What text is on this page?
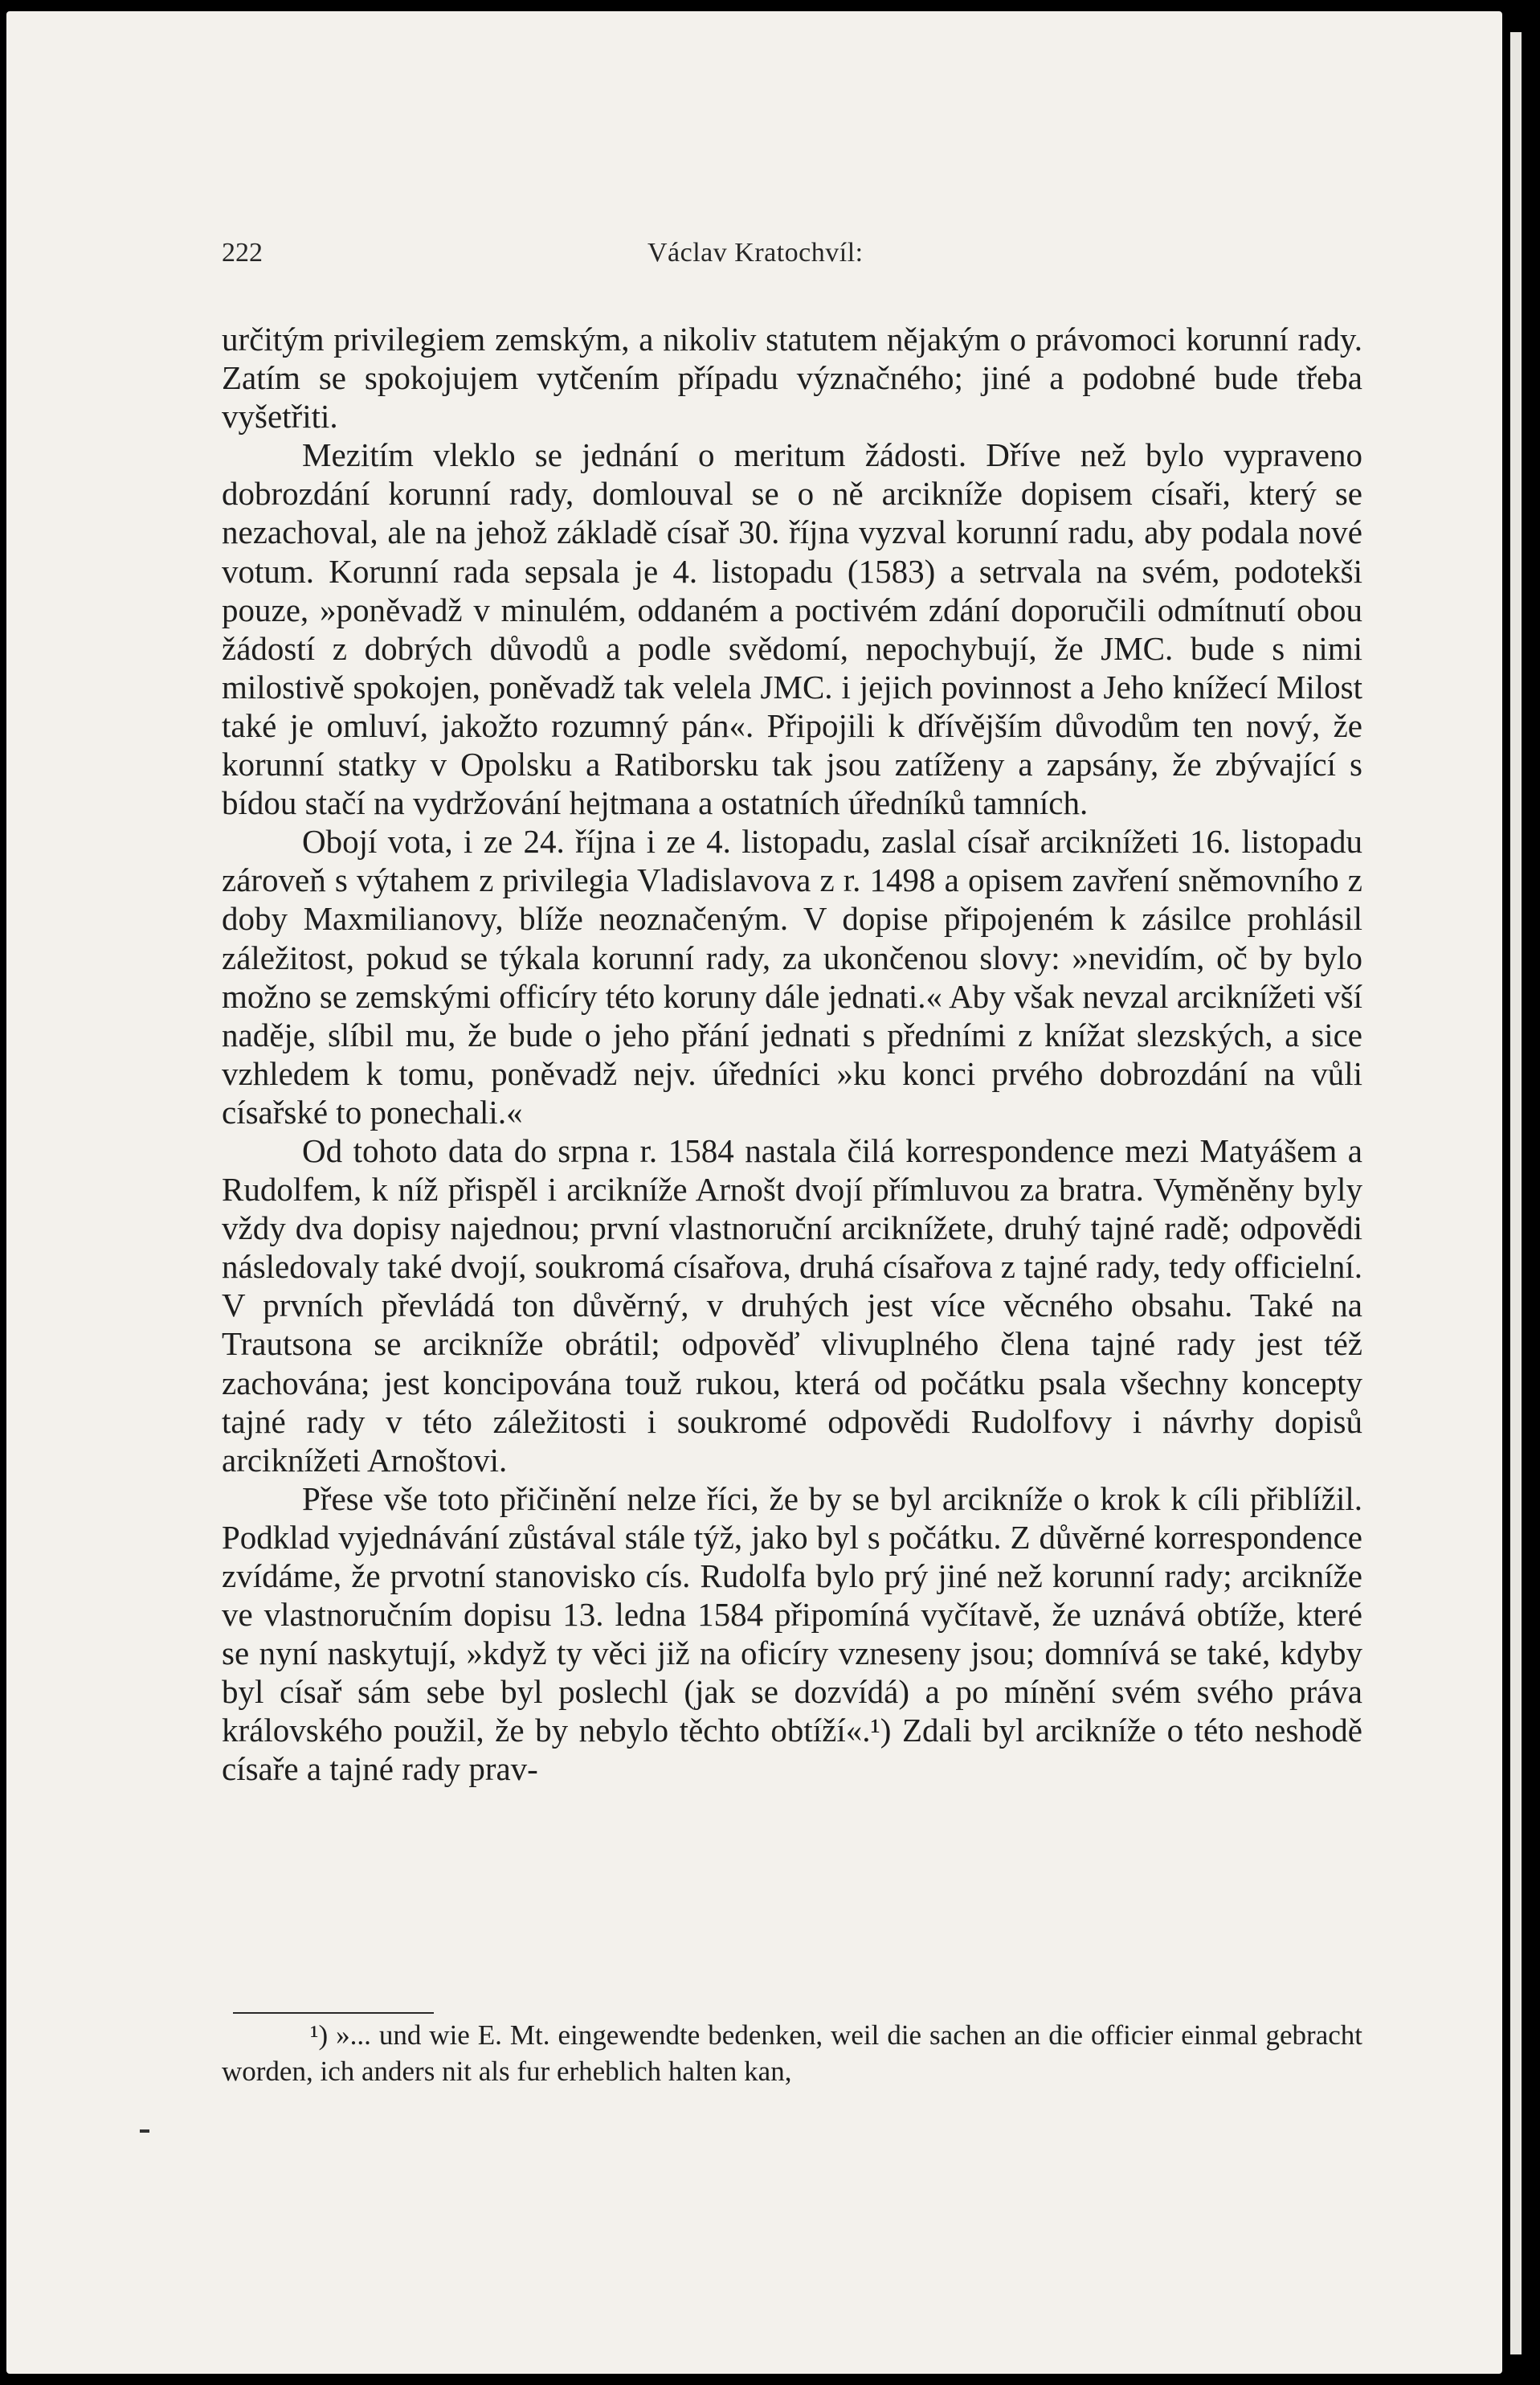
222	Václav Kratochvíl:

určitým privilegiem zemským, a nikoliv statutem nějakým o právomoci korunní rady. Zatím se spokojujem vytčením případu význačného; jiné a podobné bude třeba vyšetřiti.

Mezitím vleklo se jednání o meritum žádosti. Dříve než bylo vypraveno dobrozdání korunní rady, domlouval se o ně arcikníže dopisem císaři, který se nezachoval, ale na jehož základě císař 30. října vyzval korunní radu, aby podala nové votum. Korunní rada sepsala je 4. listopadu (1583) a setrvala na svém, podotekši pouze, »poněvadž v minulém, oddaném a poctivém zdání doporučili odmítnutí obou žádostí z dobrých důvodů a podle svědomí, nepochybují, že JMC. bude s nimi milostivě spokojen, poněvadž tak velela JMC. i jejich povinnost a Jeho knížecí Milost také je omluví, jakožto rozumný pán«. Připojili k dřívějším důvodům ten nový, že korunní statky v Opolsku a Ratiborsku tak jsou zatíženy a zapsány, že zbývající s bídou stačí na vydržování hejtmana a ostatních úředníků tamních.

Obojí vota, i ze 24. října i ze 4. listopadu, zaslal císař arciknížeti 16. listopadu zároveň s výtahem z privilegia Vladislavova z r. 1498 a opisem zavření sněmovního z doby Maxmilianovy, blíže neoznačeným. V dopise připojeném k zásilce prohlásil záležitost, pokud se týkala korunní rady, za ukončenou slovy: »nevidím, oč by bylo možno se zemskými officíry této koruny dále jednati.« Aby však nevzal arciknížeti vší naděje, slíbil mu, že bude o jeho přání jednati s předními z knížat slezských, a sice vzhledem k tomu, poněvadž nejv. úředníci »ku konci prvého dobrozdání na vůli císařské to ponechali.«

Od tohoto data do srpna r. 1584 nastala čilá korrespondence mezi Matyášem a Rudolfem, k níž přispěl i arcikníže Arnošt dvojí přímluvou za bratra. Vyměněny byly vždy dva dopisy najednou; první vlastnoruční arciknížete, druhý tajné radě; odpovědi následovaly také dvojí, soukromá císařova, druhá císařova z tajné rady, tedy officielní. V prvních převládá ton důvěrný, v druhých jest více věcného obsahu. Také na Trautsona se arcikníže obrátil; odpověď vlivuplného člena tajné rady jest též zachována; jest koncipována touž rukou, která od počátku psala všechny koncepty tajné rady v této záležitosti i soukromé odpovědi Rudolfovy i návrhy dopisů arciknížeti Arnoštovi.

Přese vše toto přičinění nelze říci, že by se byl arcikníže o krok k cíli přiblížil. Podklad vyjednávání zůstával stále týž, jako byl s počátku. Z důvěrné korrespondence zvídáme, že prvotní stanovisko cís. Rudolfa bylo prý jiné než korunní rady; arcikníže ve vlastnoručním dopisu 13. ledna 1584 připomíná vyčítavě, že uznává obtíže, které se nyní naskytují, »když ty věci již na oficíry vzneseny jsou; domnívá se také, kdyby byl císař sám sebe byl poslechl (jak se dozvídá) a po mínění svém svého práva královského použil, že by nebylo těchto obtíží«.¹) Zdali byl arcikníže o této neshodě císaře a tajné rady prav-

¹) »... und wie E. Mt. eingewendte bedenken, weil die sachen an die officier einmal gebracht worden, ich anders nit als fur erheblich halten kan,
